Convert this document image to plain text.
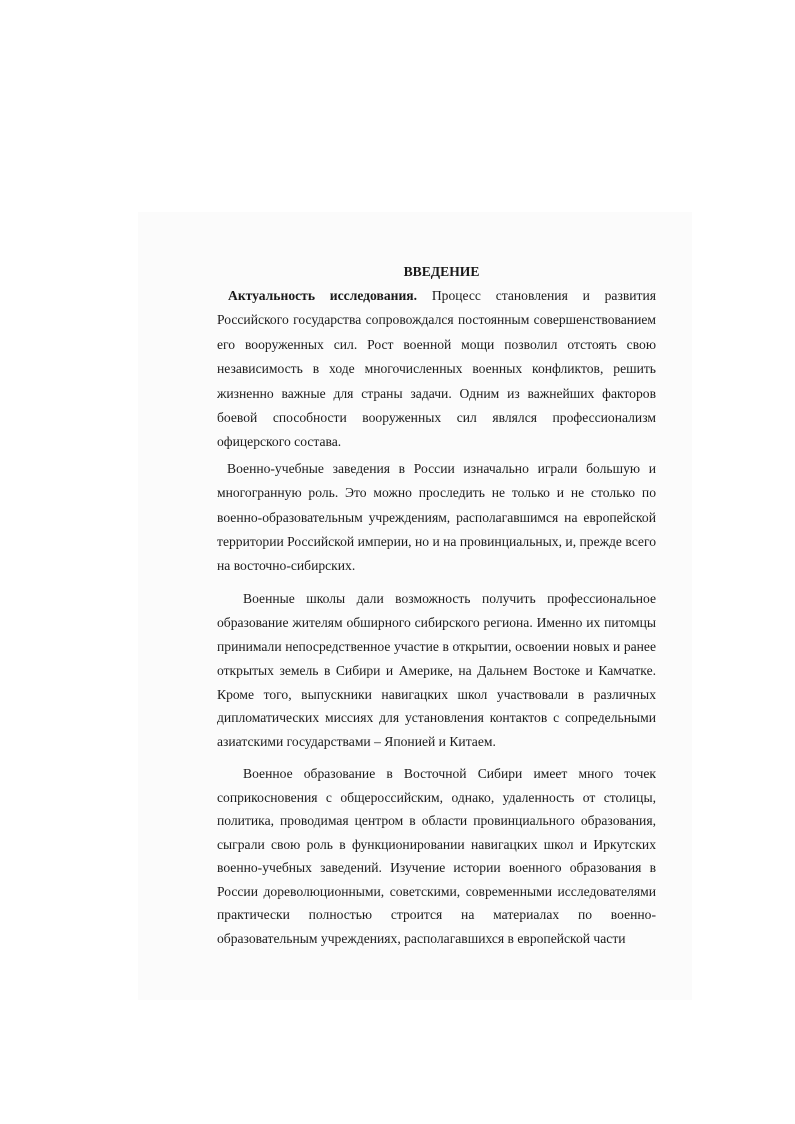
ВВЕДЕНИЕ

Актуальность исследования. Процесс становления и развития Российского государства сопровождался постоянным совершенствованием его вооруженных сил. Рост военной мощи позволил отстоять свою независимость в ходе многочисленных военных конфликтов, решить жизненно важные для страны задачи. Одним из важнейших факторов боевой способности вооруженных сил являлся профессионализм офицерского состава.

Военно-учебные заведения в России изначально играли большую и многогранную роль. Это можно проследить не только и не столько по военно-образовательным учреждениям, располагавшимся на европейской территории Российской империи, но и на провинциальных, и, прежде всего на восточно-сибирских.

Военные школы дали возможность получить профессиональное образование жителям обширного сибирского региона. Именно их питомцы принимали непосредственное участие в открытии, освоении новых и ранее открытых земель в Сибири и Америке, на Дальнем Востоке и Камчатке. Кроме того, выпускники навигацких школ участвовали в различных дипломатических миссиях для установления контактов с сопредельными азиатскими государствами – Японией и Китаем.

Военное образование в Восточной Сибири имеет много точек соприкосновения с общероссийским, однако, удаленность от столицы, политика, проводимая центром в области провинциального образования, сыграли свою роль в функционировании навигацких школ и Иркутских военно-учебных заведений. Изучение истории военного образования в России дореволюционными, советскими, современными исследователями практически полностью строится на материалах по военно-образовательным учреждениях, располагавшихся в европейской части
